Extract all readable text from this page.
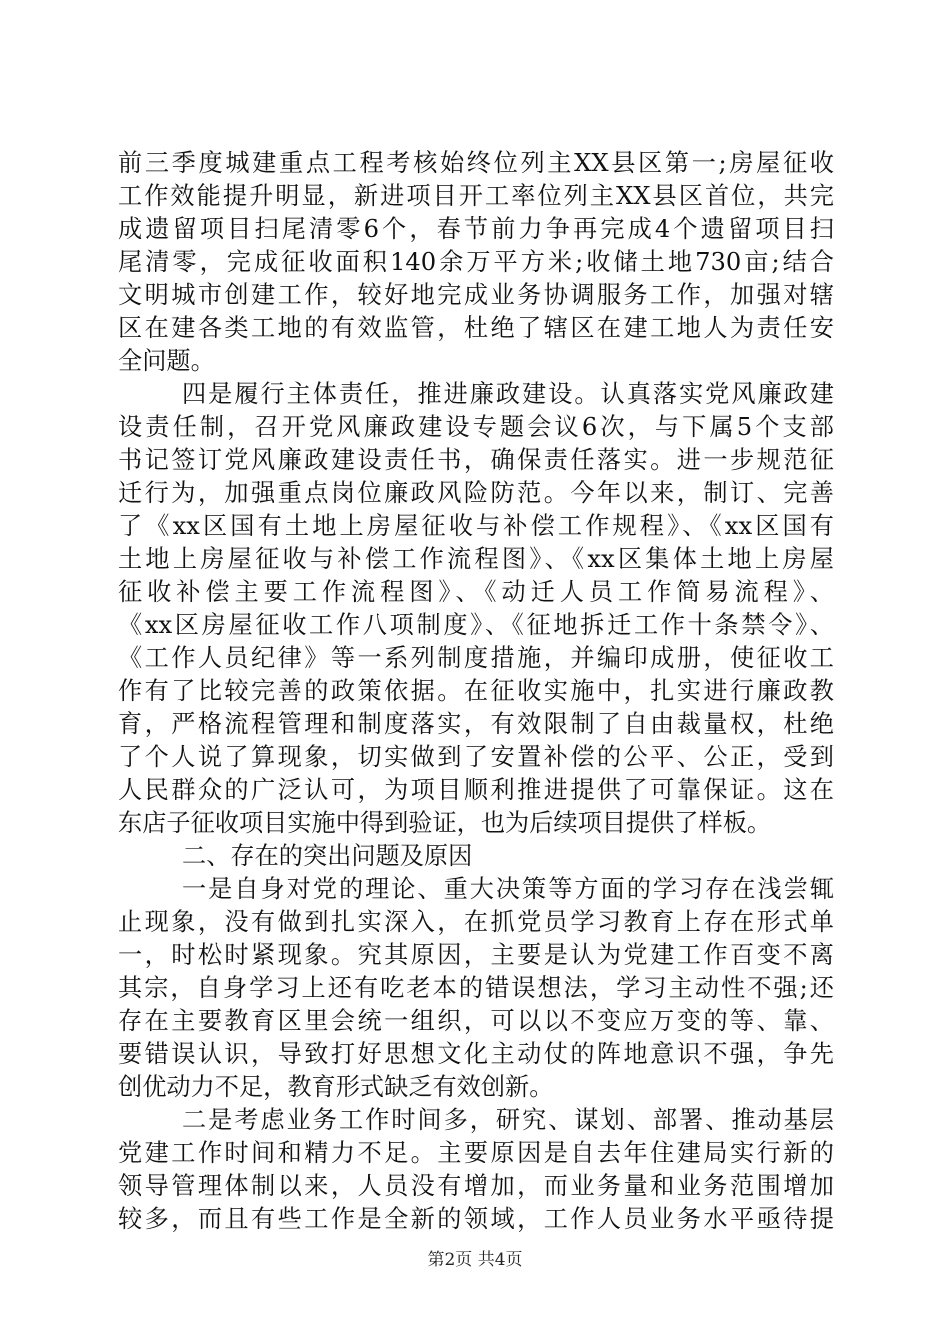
前三季度城建重点工程考核始终位列主XX县区第一;房屋征收
工作效能提升明显，新进项目开工率位列主XX县区首位，共完
成遗留项目扫尾清零6个，春节前力争再完成4个遗留项目扫
尾清零，完成征收面积140余万平方米;收储土地730亩;结合
文明城市创建工作，较好地完成业务协调服务工作，加强对辖
区在建各类工地的有效监管，杜绝了辖区在建工地人为责任安
全问题。
四是履行主体责任，推进廉政建设。认真落实党风廉政建
设责任制，召开党风廉政建设专题会议6次，与下属5个支部
书记签订党风廉政建设责任书，确保责任落实。进一步规范征
迁行为，加强重点岗位廉政风险防范。今年以来，制订、完善
了《xx区国有土地上房屋征收与补偿工作规程》、《xx区国有
土地上房屋征收与补偿工作流程图》、《xx区集体土地上房屋
征收补偿主要工作流程图》、《动迁人员工作简易流程》、
《xx区房屋征收工作八项制度》、《征地拆迁工作十条禁令》、
《工作人员纪律》等一系列制度措施，并编印成册，使征收工
作有了比较完善的政策依据。在征收实施中，扎实进行廉政教
育，严格流程管理和制度落实，有效限制了自由裁量权，杜绝
了个人说了算现象，切实做到了安置补偿的公平、公正，受到
人民群众的广泛认可，为项目顺利推进提供了可靠保证。这在
东店子征收项目实施中得到验证，也为后续项目提供了样板。
二、存在的突出问题及原因
一是自身对党的理论、重大决策等方面的学习存在浅尝辄
止现象，没有做到扎实深入，在抓党员学习教育上存在形式单
一，时松时紧现象。究其原因，主要是认为党建工作百变不离
其宗，自身学习上还有吃老本的错误想法，学习主动性不强;还
存在主要教育区里会统一组织，可以以不变应万变的等、靠、
要错误认识，导致打好思想文化主动仗的阵地意识不强，争先
创优动力不足，教育形式缺乏有效创新。
二是考虑业务工作时间多，研究、谋划、部署、推动基层
党建工作时间和精力不足。主要原因是自去年住建局实行新的
领导管理体制以来，人员没有增加，而业务量和业务范围增加
较多，而且有些工作是全新的领域，工作人员业务水平亟待提
第2页 共4页
